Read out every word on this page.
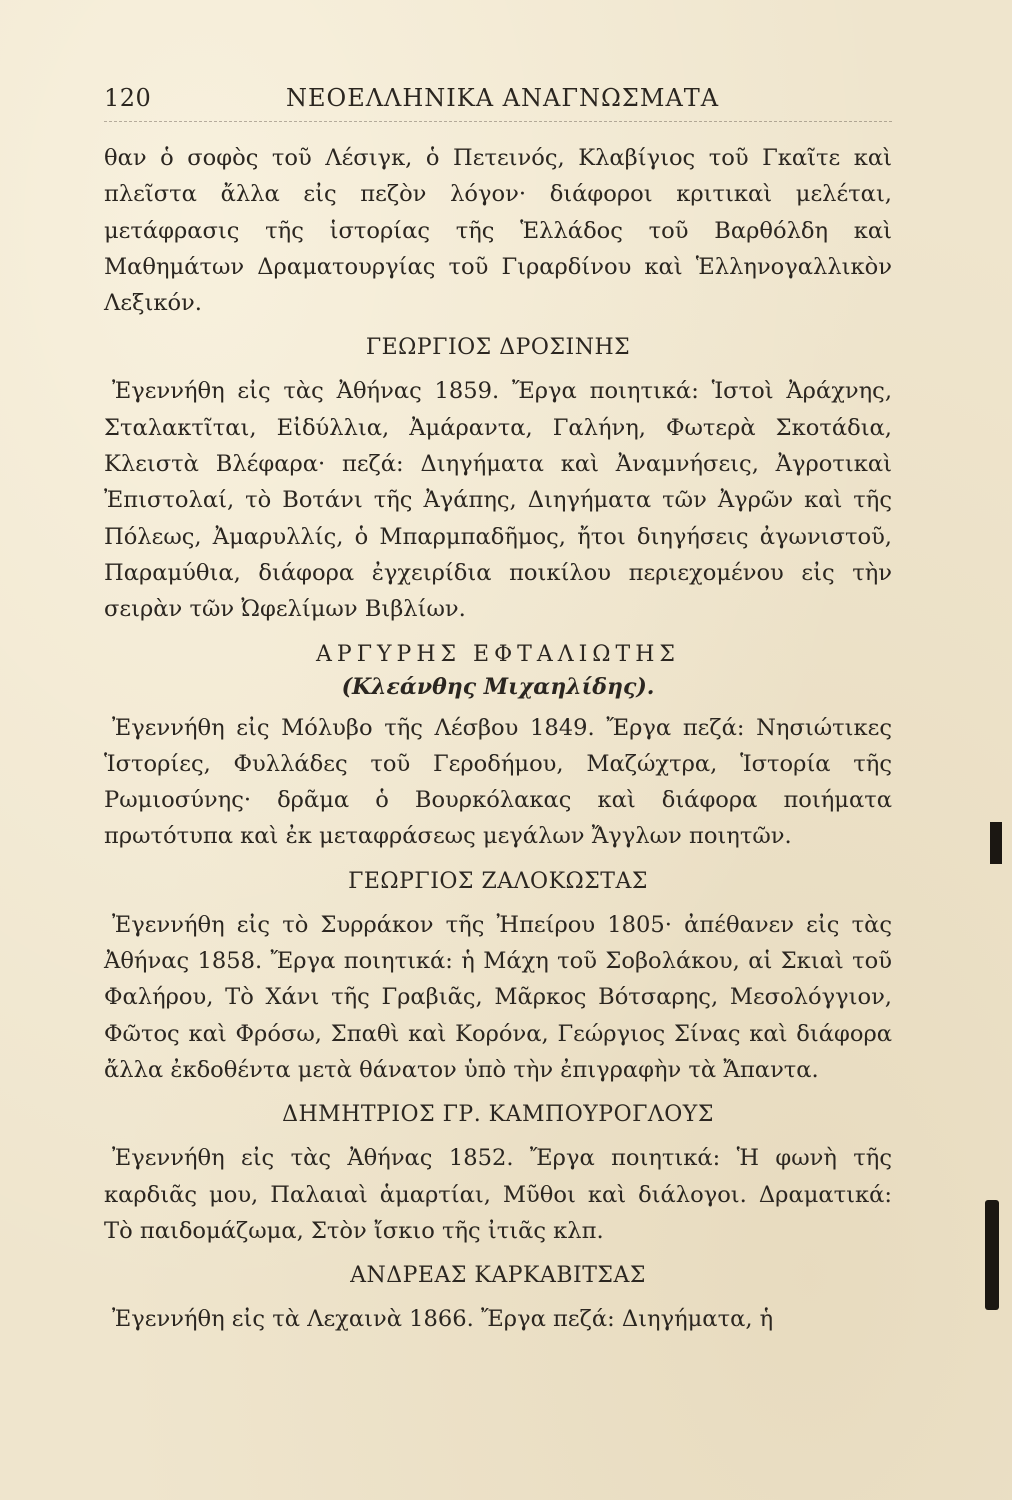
120	ΝΕΟΕΛΛΗΝΙΚΑ ΑΝΑΓΝΩΣΜΑΤΑ

θαν ὁ σοφὸς τοῦ Λέσιγκ, ὁ Πετεινός, Κλαβίγιος τοῦ Γκαῖτε καὶ πλεῖστα ἄλλα εἰς πεζὸν λόγον· διάφοροι κριτικαὶ μελέται, μετάφρασις τῆς ἱστορίας τῆς Ἑλλάδος τοῦ Βαρθόλδη καὶ Μαθημάτων Δραματουργίας τοῦ Γιραρδίνου καὶ Ἑλληνογαλλικὸν Λεξικόν.

ΓΕΩΡΓΙΟΣ ΔΡΟΣΙΝΗΣ

Ἐγεννήθη εἰς τὰς Ἀθήνας 1859. Ἔργα ποιητικά: Ἱστοὶ Ἀράχνης, Σταλακτῖται, Εἰδύλλια, Ἀμάραντα, Γαλήνη, Φωτερὰ Σκοτάδια, Κλειστὰ Βλέφαρα· πεζά: Διηγήματα καὶ Ἀναμνήσεις, Ἀγροτικαὶ Ἐπιστολαί, τὸ Βοτάνι τῆς Ἀγάπης, Διηγήματα τῶν Ἀγρῶν καὶ τῆς Πόλεως, Ἀμαρυλλίς, ὁ Μπαρμπαδῆμος, ἤτοι διηγήσεις ἀγωνιστοῦ, Παραμύθια, διάφορα ἐγχειρίδια ποικίλου περιεχομένου εἰς τὴν σειρὰν τῶν Ὠφελίμων Βιβλίων.

ΑΡΓΥΡΗΣ ΕΦΤΑΛΙΩΤΗΣ
(Κλεάνθης Μιχαηλίδης).

Ἐγεννήθη εἰς Μόλυβο τῆς Λέσβου 1849. Ἔργα πεζά: Νησιώτικες Ἱστορίες, Φυλλάδες τοῦ Γεροδήμου, Μαζώχτρα, Ἱστορία τῆς Ρωμιοσύνης· δρᾶμα ὁ Βουρκόλακας καὶ διάφορα ποιήματα πρωτότυπα καὶ ἐκ μεταφράσεως μεγάλων Ἄγγλων ποιητῶν.

ΓΕΩΡΓΙΟΣ ΖΑΛΟΚΩΣΤΑΣ

Ἐγεννήθη εἰς τὸ Συρράκον τῆς Ἠπείρου 1805· ἀπέθανεν εἰς τὰς Ἀθήνας 1858. Ἔργα ποιητικά: ἡ Μάχη τοῦ Σοβολάκου, αἱ Σκιαὶ τοῦ Φαλήρου, Τὸ Χάνι τῆς Γραβιᾶς, Μᾶρκος Βότσαρης, Μεσολόγγιον, Φῶτος καὶ Φρόσω, Σπαθὶ καὶ Κορόνα, Γεώργιος Σίνας καὶ διάφορα ἄλλα ἐκδοθέντα μετὰ θάνατον ὑπὸ τὴν ἐπιγραφὴν τὰ Ἄπαντα.

ΔΗΜΗΤΡΙΟΣ ΓΡ. ΚΑΜΠΟΥΡΟΓΛΟΥΣ

Ἐγεννήθη εἰς τὰς Ἀθήνας 1852. Ἔργα ποιητικά: Ἡ φωνὴ τῆς καρδιᾶς μου, Παλαιαὶ ἁμαρτίαι, Μῦθοι καὶ διάλογοι. Δραματικά: Τὸ παιδομάζωμα, Στὸν ἴσκιο τῆς ἰτιᾶς κλπ.

ΑΝΔΡΕΑΣ ΚΑΡΚΑΒΙΤΣΑΣ

Ἐγεννήθη εἰς τὰ Λεχαινὰ 1866. Ἔργα πεζά: Διηγήματα, ἡ
